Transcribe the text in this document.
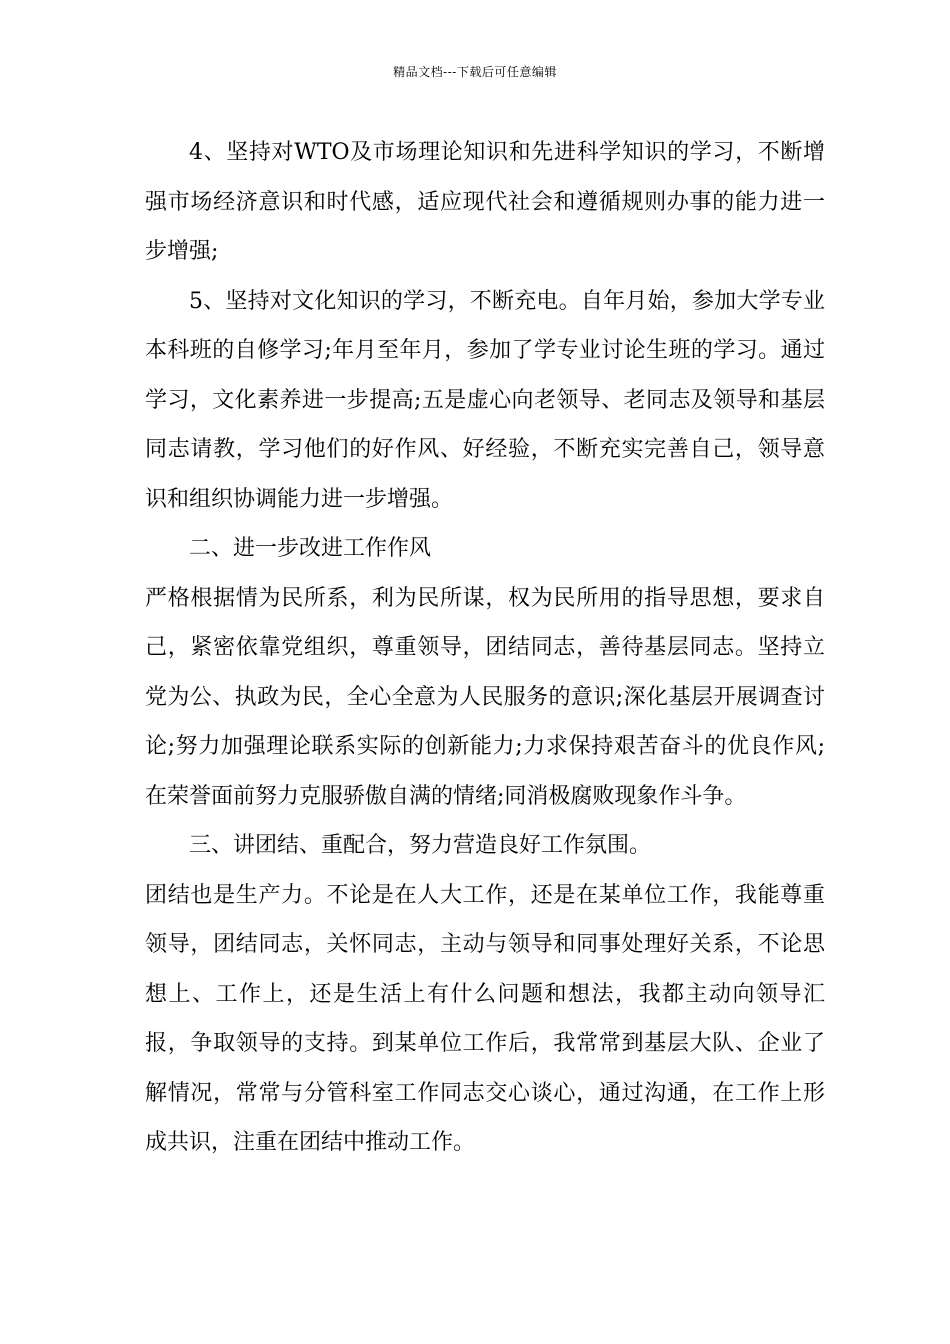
精品文档---下载后可任意编辑

4、坚持对WTO及市场理论知识和先进科学知识的学习，不断增强市场经济意识和时代感，适应现代社会和遵循规则办事的能力进一步增强;

5、坚持对文化知识的学习，不断充电。自年月始，参加大学专业本科班的自修学习;年月至年月，参加了学专业讨论生班的学习。通过学习，文化素养进一步提高;五是虚心向老领导、老同志及领导和基层同志请教，学习他们的好作风、好经验，不断充实完善自己，领导意识和组织协调能力进一步增强。

二、进一步改进工作作风

严格根据情为民所系，利为民所谋，权为民所用的指导思想，要求自己，紧密依靠党组织，尊重领导，团结同志，善待基层同志。坚持立党为公、执政为民，全心全意为人民服务的意识;深化基层开展调查讨论;努力加强理论联系实际的创新能力;力求保持艰苦奋斗的优良作风;在荣誉面前努力克服骄傲自满的情绪;同消极腐败现象作斗争。

三、讲团结、重配合，努力营造良好工作氛围。

团结也是生产力。不论是在人大工作，还是在某单位工作，我能尊重领导，团结同志，关怀同志，主动与领导和同事处理好关系，不论思想上、工作上，还是生活上有什么问题和想法，我都主动向领导汇报，争取领导的支持。到某单位工作后，我常常到基层大队、企业了解情况，常常与分管科室工作同志交心谈心，通过沟通，在工作上形成共识，注重在团结中推动工作。
